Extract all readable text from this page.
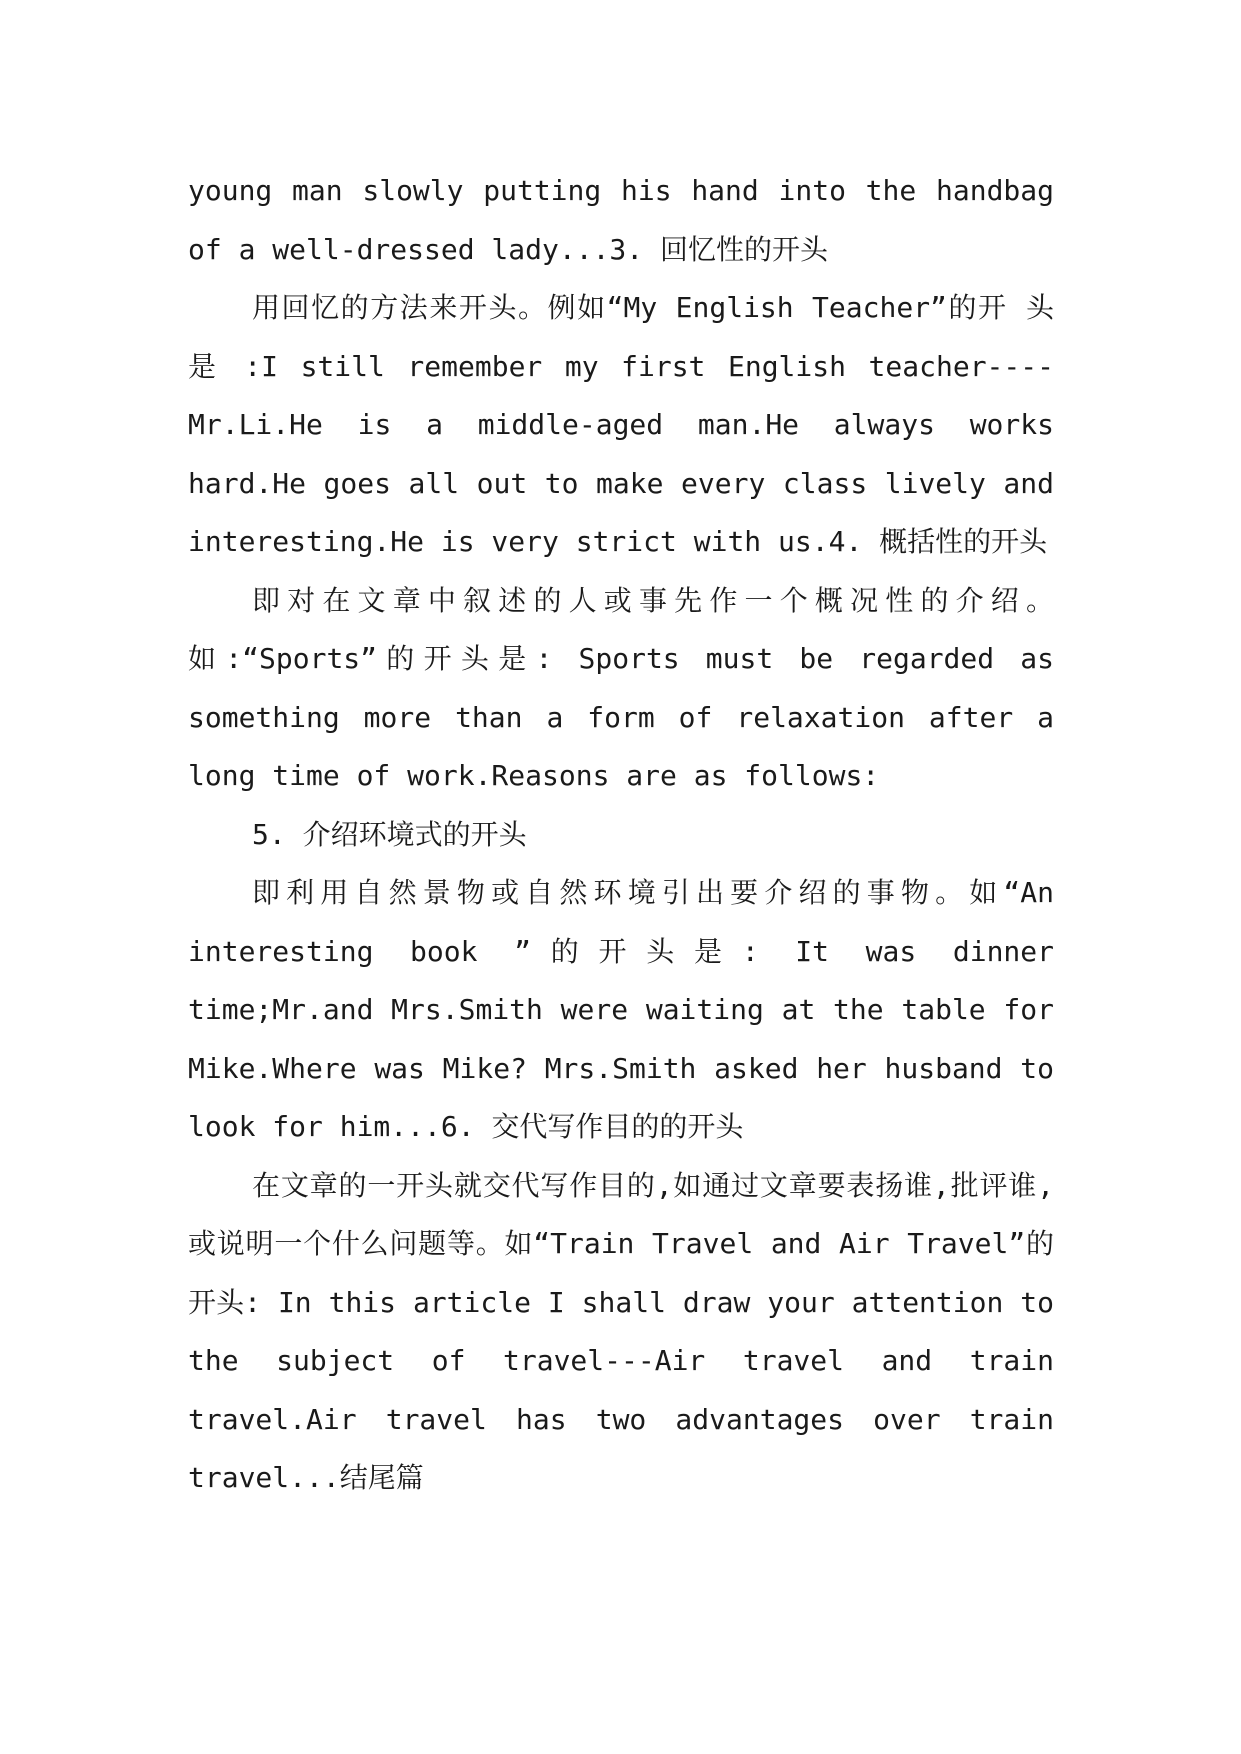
young man slowly putting his hand into the handbag of a well-dressed lady...3. 回忆性的开头

用回忆的方法来开头。例如“My English Teacher”的开 头 是 :I still remember my first English teacher----Mr.Li.He is a middle-aged man.He always works hard.He goes all out to make every class lively and interesting.He is very strict with us.4. 概括性的开头

即对在文章中叙述的人或事先作一个概况性的介绍。如:“Sports”的开头是: Sports must be regarded as something more than a form of relaxation after a long time of work.Reasons are as follows:

5. 介绍环境式的开头

即利用自然景物或自然环境引出要介绍的事物。如“An interesting book ”的开头是: It was dinner time;Mr.and Mrs.Smith were waiting at the table for Mike.Where was Mike? Mrs.Smith asked her husband to look for him...6. 交代写作目的的开头

在文章的一开头就交代写作目的,如通过文章要表扬谁,批评谁,或说明一个什么问题等。如“Train Travel and Air Travel”的开头: In this article I shall draw your attention to the subject of travel---Air travel and train travel.Air travel has two advantages over train travel...结尾篇
